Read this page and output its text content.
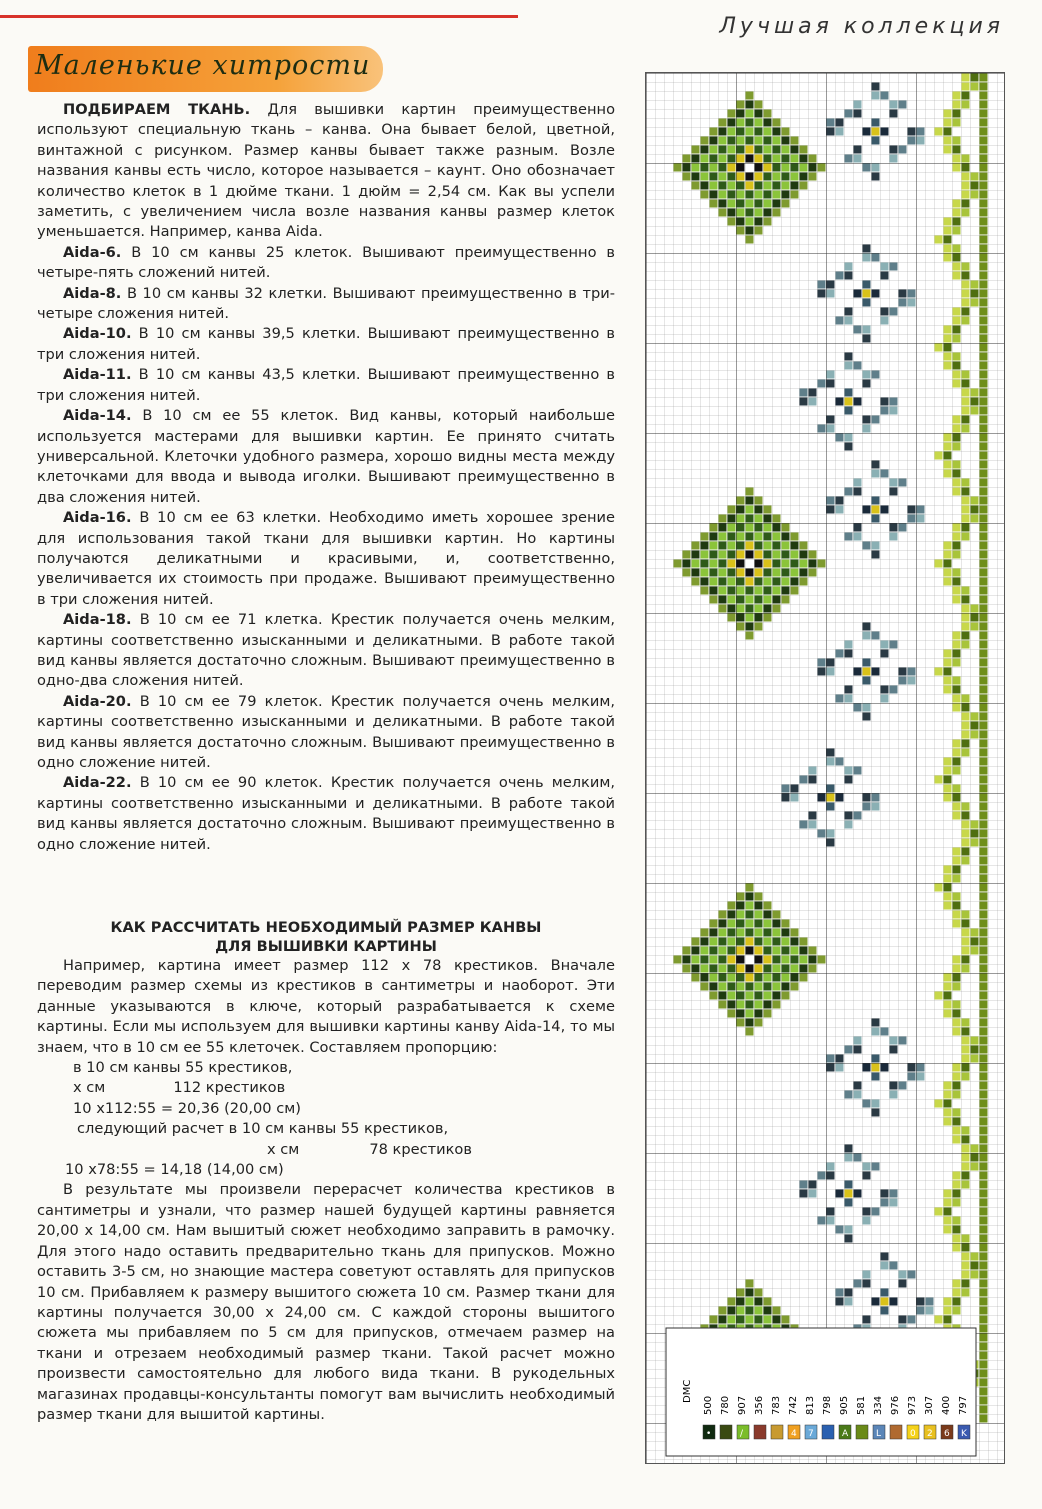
Лучшая коллекция
Маленькие хитрости

ПОДБИРАЕМ ТКАНЬ. Для вышивки картин преимущественно используют специальную ткань – канва. Она бывает белой, цветной, винтажной с рисунком. Размер канвы бывает также разным. Возле названия канвы есть число, которое называется – каунт. Оно обозначает количество клеток в 1 дюйме ткани. 1 дюйм = 2,54 см. Как вы успели заметить, с увеличением числа возле названия канвы размер клеток уменьшается. Например, канва Aida.

Aida-6. В 10 см канвы 25 клеток. Вышивают преимущественно в четыре-пять сложений нитей.

Aida-8. В 10 см канвы 32 клетки. Вышивают преимущественно в три-четыре сложения нитей.

Aida-10. В 10 см канвы 39,5 клетки. Вышивают преимущественно в три сложения нитей.

Aida-11. В 10 см канвы 43,5 клетки. Вышивают преимущественно в три сложения нитей.

Aida-14. В 10 см ее 55 клеток. Вид канвы, который наибольше используется мастерами для вышивки картин. Ее принято считать универсальной. Клеточки удобного размера, хорошо видны места между клеточками для ввода и вывода иголки. Вышивают преимущественно в два сложения нитей.

Aida-16. В 10 см ее 63 клетки. Необходимо иметь хорошее зрение для использования такой ткани для вышивки картин. Но картины получаются деликатными и красивыми, и, соответственно, увеличивается их стоимость при продаже. Вышивают преимущественно в три сложения нитей.

Aida-18. В 10 см ее 71 клетка. Крестик получается очень мелким, картины соответственно изысканными и деликатными. В работе такой вид канвы является достаточно сложным. Вышивают преимущественно в одно-два сложения нитей.

Aida-20. В 10 см ее 79 клеток. Крестик получается очень мелким, картины соответственно изысканными и деликатными. В работе такой вид канвы является достаточно сложным. Вышивают преимущественно в одно сложение нитей.

Aida-22. В 10 см ее 90 клеток. Крестик получается очень мелким, картины соответственно изысканными и деликатными. В работе такой вид канвы является достаточно сложным. Вышивают преимущественно в одно сложение нитей.

КАК РАССЧИТАТЬ НЕОБХОДИМЫЙ РАЗМЕР КАНВЫ
ДЛЯ ВЫШИВКИ КАРТИНЫ

Например, картина имеет размер 112 х 78 крестиков. Вначале переводим размер схемы из крестиков в сантиметры и наоборот. Эти данные указываются в ключе, который разрабатывается к схеме картины. Если мы используем для вышивки картины канву Aida-14, то мы знаем, что в 10 см ее 55 клеточек. Составляем пропорцию:

в 10 см канвы 55 крестиков,
х см	112 крестиков
10 х112:55 = 20,36 (20,00 см)
следующий расчет в 10 см канвы 55 крестиков,
х см	78 крестиков
10 х78:55 = 14,18 (14,00 см)

В результате мы произвели перерасчет количества крестиков в сантиметры и узнали, что размер нашей будущей картины равняется 20,00 х 14,00 см. Нам вышитый сюжет необходимо заправить в рамочку. Для этого надо оставить предварительно ткань для припусков. Можно оставить 3-5 см, но знающие мастера советуют оставлять для припусков 10 см. Прибавляем к размеру вышитого сюжета 10 см. Размер ткани для картины получается 30,00 х 24,00 см. С каждой стороны вышитого сюжета мы прибавляем по 5 см для припусков, отмечаем размер на ткани и отрезаем необходимый размер ткани. Такой расчет можно произвести самостоятельно для любого вида ткани. В рукодельных магазинах продавцы-консультанты помогут вам вычислить необходимый размер ткани для вышитой картины.

DMC
500
•
780 907
/
356 783 742
4
813
7
798 905
A
581 334
L
976 973
0
307
2
400
6
797
K
